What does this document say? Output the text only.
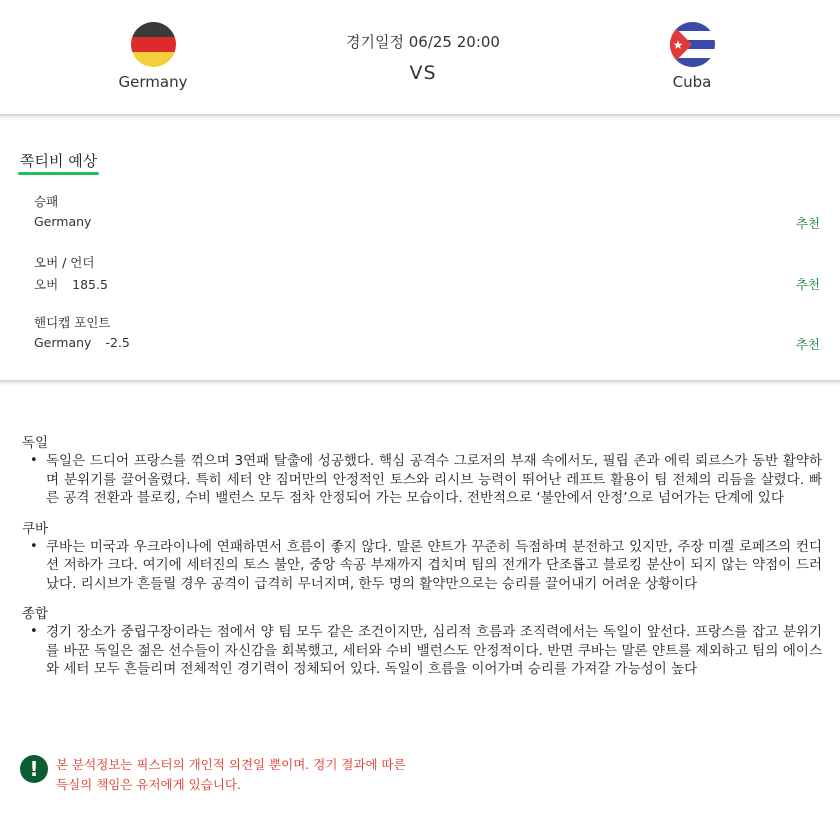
Germany
경기일정 06/25 20:00
VS	Cuba
쪽티비 예상
승패
Germany	추천
오버 / 언더
오버 185.5	추천
핸디캡 포인트
Germany -2.5	추천
독일
• 독일은 드디어 프랑스를 꺾으며 3연패 탈출에 성공했다. 핵심 공격수 그로저의 부재 속에서도, 필립 존과 에릭 뢰르스가 동반 활약하며 분위기를 끌어올렸다. 특히 세터 얀 짐머만의 안정적인 토스와 리시브 능력이 뛰어난 레프트 활용이 팀 전체의 리듬을 살렸다. 빠른 공격 전환과 블로킹, 수비 밸런스 모두 점차 안정되어 가는 모습이다. 전반적으로 ‘불안에서 안정’으로 넘어가는 단계에 있다
쿠바
• 쿠바는 미국과 우크라이나에 연패하면서 흐름이 좋지 않다. 말론 얀트가 꾸준히 득점하며 분전하고 있지만, 주장 미겔 로페즈의 컨디션 저하가 크다. 여기에 세터진의 토스 불안, 중앙 속공 부재까지 겹치며 팀의 전개가 단조롭고 블로킹 분산이 되지 않는 약점이 드러났다. 리시브가 흔들릴 경우 공격이 급격히 무너지며, 한두 명의 활약만으로는 승리를 끌어내기 어려운 상황이다
종합
• 경기 장소가 중립구장이라는 점에서 양 팀 모두 같은 조건이지만, 심리적 흐름과 조직력에서는 독일이 앞선다. 프랑스를 잡고 분위기를 바꾼 독일은 젊은 선수들이 자신감을 회복했고, 세터와 수비 밸런스도 안정적이다. 반면 쿠바는 말론 얀트를 제외하고 팀의 에이스와 세터 모두 흔들리며 전체적인 경기력이 정체되어 있다. 독일이 흐름을 이어가며 승리를 가져갈 가능성이 높다
!	본 분석정보는 픽스터의 개인적 의견일 뿐이며. 경기 결과에 따른
득실의 책임은 유저에게 있습니다.
